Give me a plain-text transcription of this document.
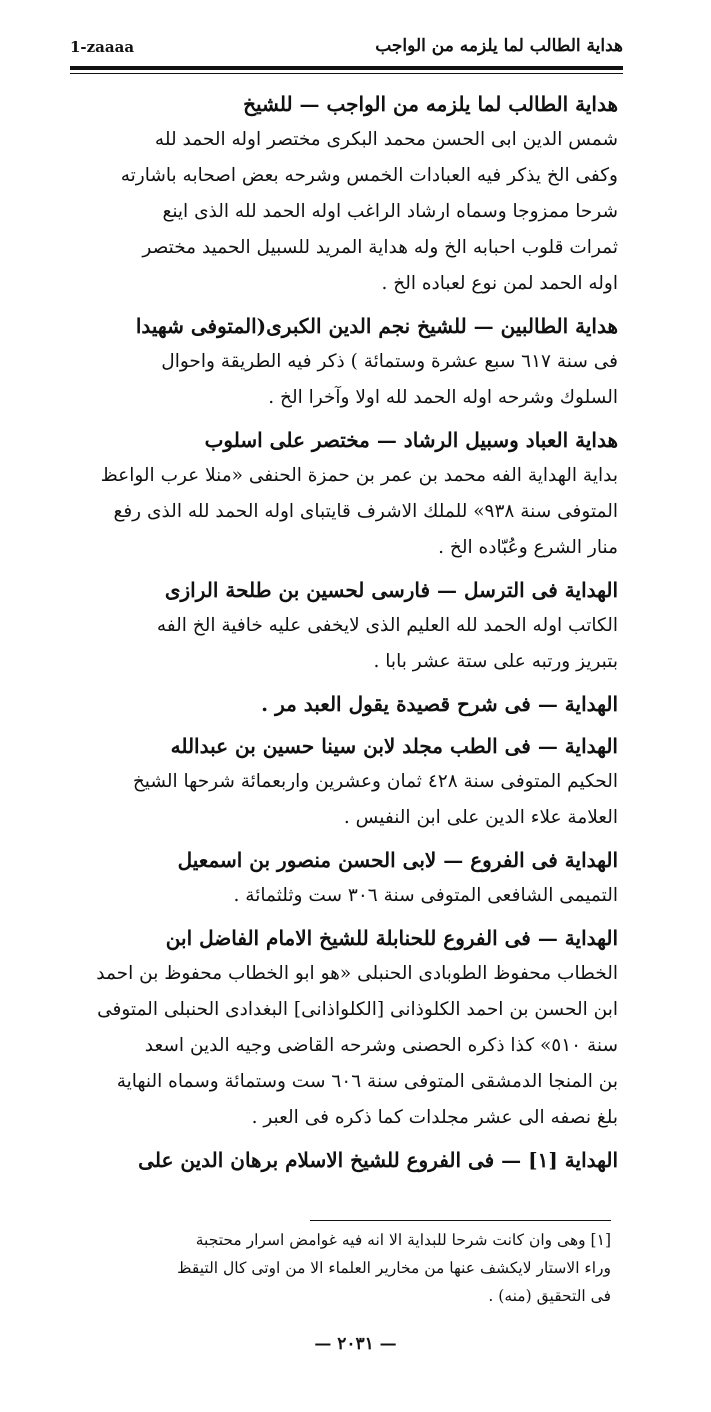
هداية الطالب لما يلزمه من الواجب
1-zaaaa
هداية الطالب لما يلزمه من الواجب — للشيخ
شمس الدين ابى الحسن محمد البكرى مختصر اوله الحمد لله
وكفى الخ يذكر فيه العبادات الخمس وشرحه بعض اصحابه باشارته
شرحا ممزوجا وسماه ارشاد الراغب اوله الحمد لله الذى اينع
ثمرات قلوب احبابه الخ وله هداية المريد للسبيل الحميد مختصر
اوله الحمد لمن نوع لعباده الخ .
هداية الطالبين — للشيخ نجم الدين الكبرى(المتوفى شهيدا
فى سنة ٦١٧ سبع عشرة وستمائة ) ذكر فيه الطريقة واحوال
السلوك وشرحه اوله الحمد لله اولا وآخرا الخ .
هداية العباد وسبيل الرشاد — مختصر على اسلوب
بداية الهداية الفه محمد بن عمر بن حمزة الحنفى «منلا عرب الواعظ
المتوفى سنة ٩٣٨» للملك الاشرف قايتباى اوله الحمد لله الذى رفع
منار الشرع وعُبّاده الخ .
الهداية فى الترسل — فارسى لحسين بن طلحة الرازى
الكاتب اوله الحمد لله العليم الذى لايخفى عليه خافية الخ الفه
بتبريز ورتبه على ستة عشر بابا .
الهداية — فى شرح قصيدة يقول العبد مر .
الهداية — فى الطب مجلد لابن سينا حسين بن عبدالله
الحكيم المتوفى سنة ٤٢٨ ثمان وعشرين واربعمائة شرحها الشيخ
العلامة علاء الدين على ابن النفيس .
الهداية فى الفروع — لابى الحسن منصور بن اسمعيل
التميمى الشافعى المتوفى سنة ٣٠٦ ست وثلثمائة .
الهداية — فى الفروع للحنابلة للشيخ الامام الفاضل ابن
الخطاب محفوظ الطوبادى الحنبلى «هو ابو الخطاب محفوظ بن احمد
ابن الحسن بن احمد الكلوذانى [الكلواذانى] البغدادى الحنبلى المتوفى
سنة ٥١٠» كذا ذكره الحصنى وشرحه القاضى وجيه الدين اسعد
بن المنجا الدمشقى المتوفى سنة ٦٠٦ ست وستمائة وسماه النهاية
بلغ نصفه الى عشر مجلدات كما ذكره فى العبر .
الهداية [١] — فى الفروع للشيخ الاسلام برهان الدين على
[١] وهى وان كانت شرحا للبداية الا انه فيه غوامض اسرار محتجبة
وراء الاستار لايكشف عنها من مخارير العلماء الا من اوتى كال التيقظ
فى التحقيق (منه) .
— ٢٠٣١ —
